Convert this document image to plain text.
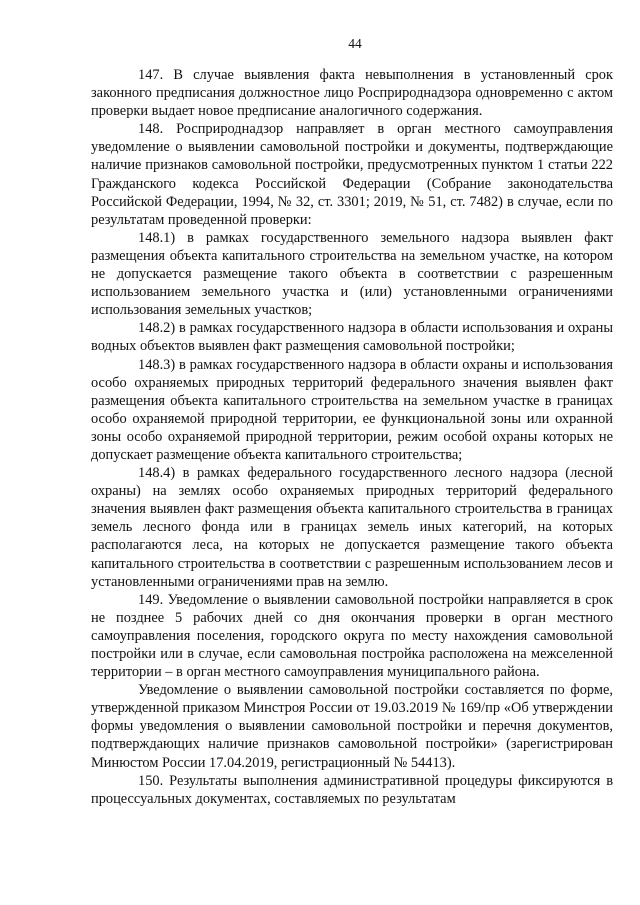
44

147. В случае выявления факта невыполнения в установленный срок законного предписания должностное лицо Росприроднадзора одновременно с актом проверки выдает новое предписание аналогичного содержания.

148. Росприроднадзор направляет в орган местного самоуправления уведомление о выявлении самовольной постройки и документы, подтверждающие наличие признаков самовольной постройки, предусмотренных пунктом 1 статьи 222 Гражданского кодекса Российской Федерации (Собрание законодательства Российской Федерации, 1994, № 32, ст. 3301; 2019, № 51, ст. 7482) в случае, если по результатам проведенной проверки:

148.1) в рамках государственного земельного надзора выявлен факт размещения объекта капитального строительства на земельном участке, на котором не допускается размещение такого объекта в соответствии с разрешенным использованием земельного участка и (или) установленными ограничениями использования земельных участков;

148.2) в рамках государственного надзора в области использования и охраны водных объектов выявлен факт размещения самовольной постройки;

148.3) в рамках государственного надзора в области охраны и использования особо охраняемых природных территорий федерального значения выявлен факт размещения объекта капитального строительства на земельном участке в границах особо охраняемой природной территории, ее функциональной зоны или охранной зоны особо охраняемой природной территории, режим особой охраны которых не допускает размещение объекта капитального строительства;

148.4) в рамках федерального государственного лесного надзора (лесной охраны) на землях особо охраняемых природных территорий федерального значения выявлен факт размещения объекта капитального строительства в границах земель лесного фонда или в границах земель иных категорий, на которых располагаются леса, на которых не допускается размещение такого объекта капитального строительства в соответствии с разрешенным использованием лесов и установленными ограничениями прав на землю.

149. Уведомление о выявлении самовольной постройки направляется в срок не позднее 5 рабочих дней со дня окончания проверки в орган местного самоуправления поселения, городского округа по месту нахождения самовольной постройки или в случае, если самовольная постройка расположена на межселенной территории – в орган местного самоуправления муниципального района.

Уведомление о выявлении самовольной постройки составляется по форме, утвержденной приказом Минстроя России от 19.03.2019 № 169/пр «Об утверждении формы уведомления о выявлении самовольной постройки и перечня документов, подтверждающих наличие признаков самовольной постройки» (зарегистрирован Минюстом России 17.04.2019, регистрационный № 54413).

150. Результаты выполнения административной процедуры фиксируются в процессуальных документах, составляемых по результатам
